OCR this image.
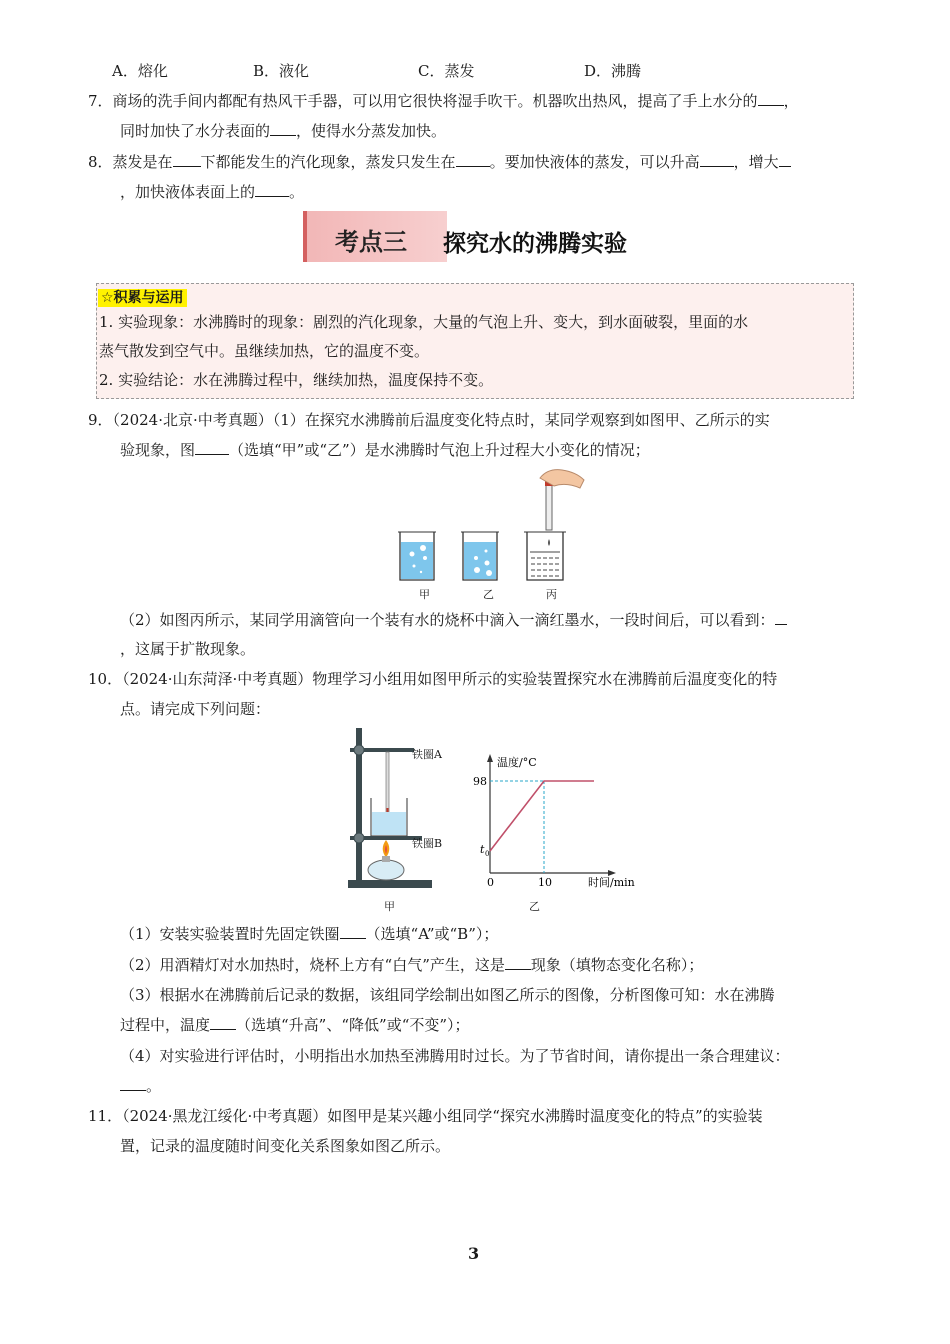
A．熔化	B．液化	C．蒸发	D．沸腾
7．商场的洗手间内都配有热风干手器，可以用它很快将湿手吹干。机器吹出热风，提高了手上水分的 ，
同时加快了水分表面的 ，使得水分蒸发加快。
8．蒸发是在 下都能发生的汽化现象，蒸发只发生在 。要加快液体的蒸发，可以升高 ，增大
，加快液体表面上的 。
考点三 探究水的沸腾实验
☆积累与运用
1. 实验现象：水沸腾时的现象：剧烈的汽化现象，大量的气泡上升、变大，到水面破裂，里面的水
蒸气散发到空气中。虽继续加热，它的温度不变。
2. 实验结论：水在沸腾过程中，继续加热，温度保持不变。
9．（2024·北京·中考真题）（1）在探究水沸腾前后温度变化特点时，某同学观察到如图甲、乙所示的实
验现象，图 （选填“甲”或“乙”）是水沸腾时气泡上升过程大小变化的情况；
甲	乙	丙
（2）如图丙所示，某同学用滴管向一个装有水的烧杯中滴入一滴红墨水，一段时间后，可以看到：
，这属于扩散现象。
10．（2024·山东菏泽·中考真题）物理学习小组用如图甲所示的实验装置探究水在沸腾前后温度变化的特
点。请完成下列问题：
铁圈A
铁圈B
温度/°C
98
t 0
0	10	时间/min
甲	乙
（1）安装实验装置时先固定铁圈 （选填“A”或“B”）；
（2）用酒精灯对水加热时，烧杯上方有“白气”产生，这是 现象（填物态变化名称）；
（3）根据水在沸腾前后记录的数据，该组同学绘制出如图乙所示的图像，分析图像可知：水在沸腾
过程中，温度 （选填“升高”、“降低”或“不变”）；
（4）对实验进行评估时，小明指出水加热至沸腾用时过长。为了节省时间，请你提出一条合理建议：
。
11．（2024·黑龙江绥化·中考真题）如图甲是某兴趣小组同学“探究水沸腾时温度变化的特点”的实验装
置，记录的温度随时间变化关系图象如图乙所示。
3
